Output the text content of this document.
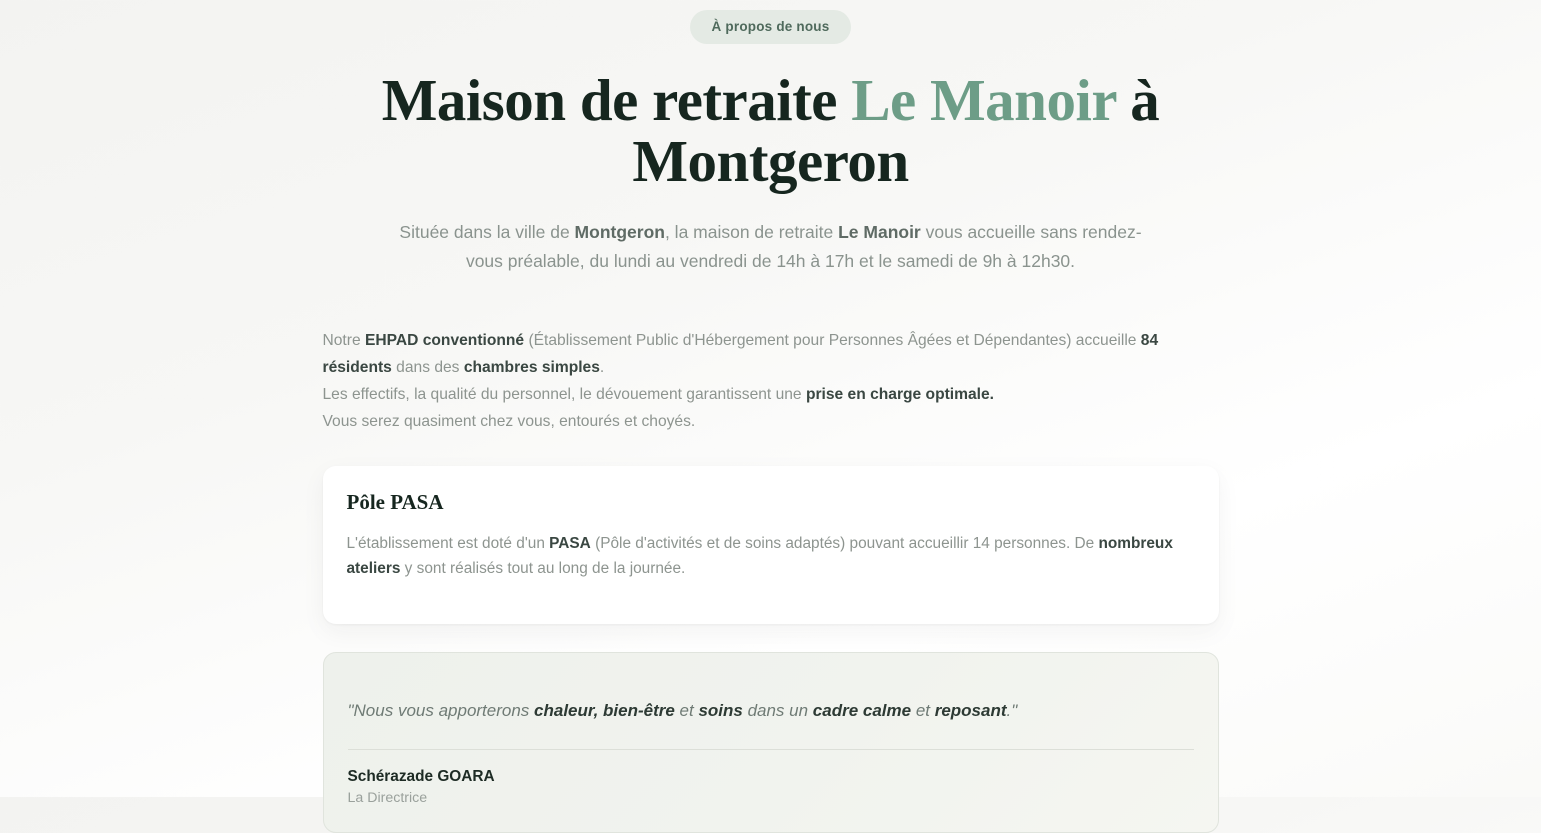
À propos de nous
Maison de retraite Le Manoir à Montgeron

Située dans la ville de Montgeron, la maison de retraite Le Manoir vous accueille sans rendez-vous préalable, du lundi au vendredi de 14h à 17h et le samedi de 9h à 12h30.

Notre EHPAD conventionné (Établissement Public d'Hébergement pour Personnes Âgées et Dépendantes) accueille 84 résidents dans des chambres simples.
Les effectifs, la qualité du personnel, le dévouement garantissent une prise en charge optimale.
Vous serez quasiment chez vous, entourés et choyés.
Pôle PASA

L'établissement est doté d'un PASA (Pôle d'activités et de soins adaptés) pouvant accueillir 14 personnes. De nombreux ateliers y sont réalisés tout au long de la journée.

"Nous vous apporterons chaleur, bien-être et soins dans un cadre calme et reposant."

Schérazade GOARA
La Directrice
